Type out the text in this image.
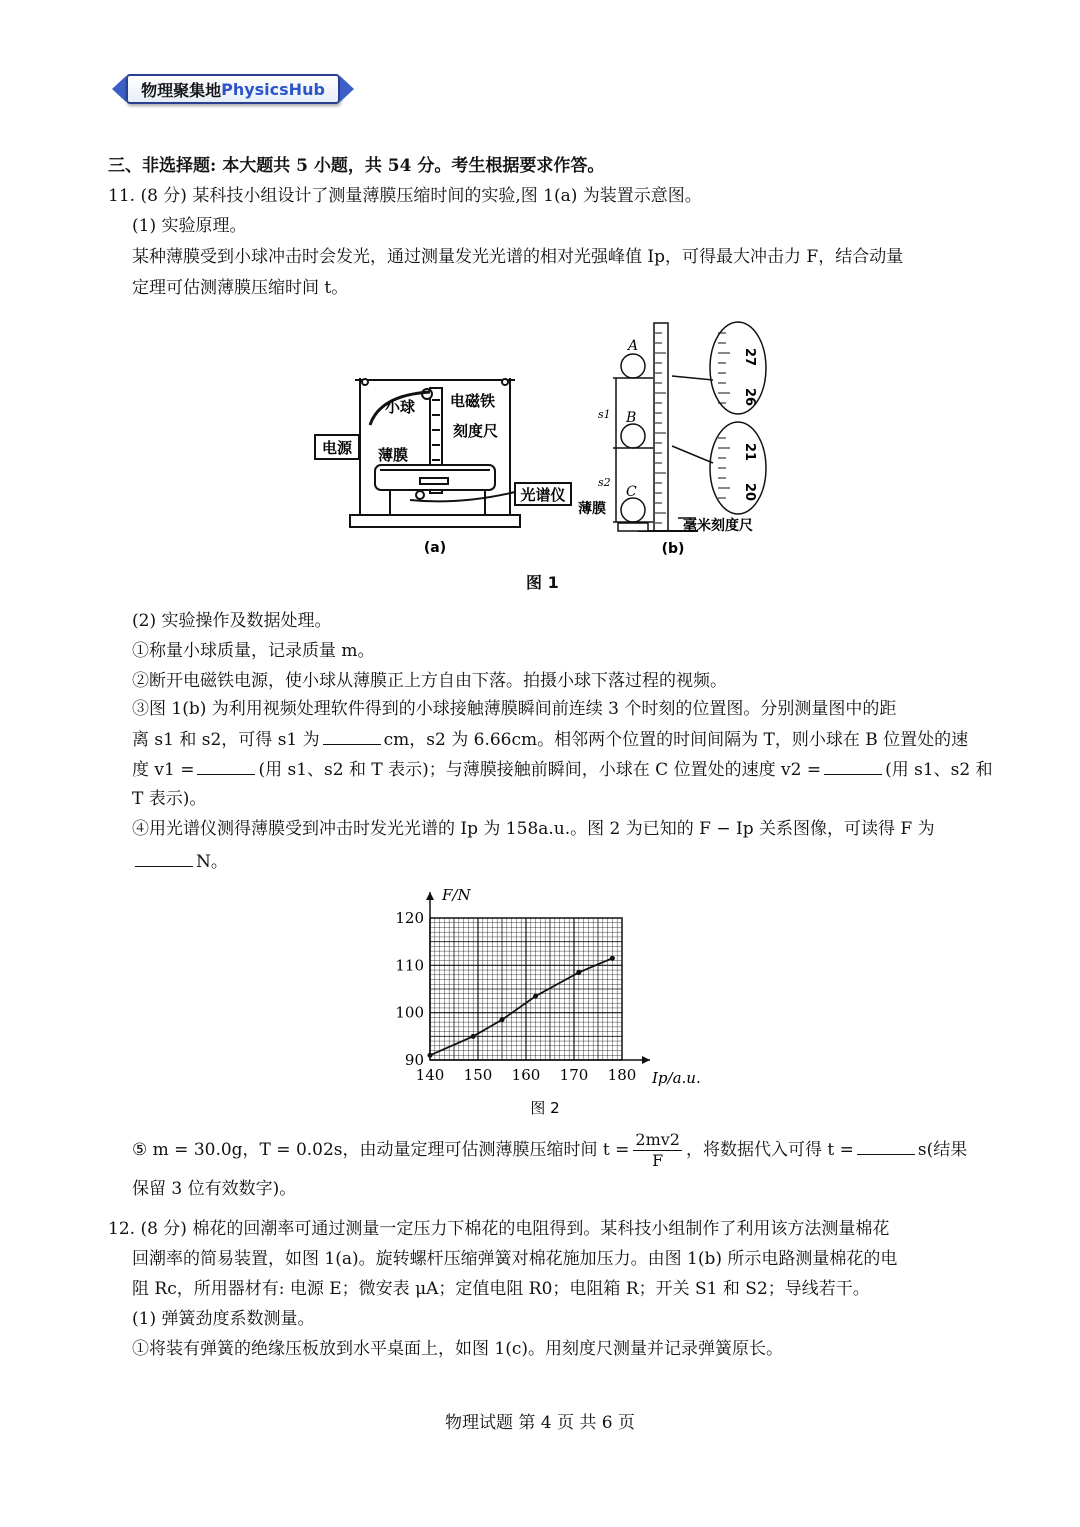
物理聚集地 PhysicsHub
三、非选择题: 本大题共 5 小题，共 54 分。考生根据要求作答。
11. (8 分) 某科技小组设计了测量薄膜压缩时间的实验,图 1(a) 为装置示意图。
(1) 实验原理。
某种薄膜受到小球冲击时会发光，通过测量发光光谱的相对光强峰值 Ip，可得最大冲击力 F，结合动量
定理可估测薄膜压缩时间 t。
电源
小球 电磁铁
刻度尺
薄膜
光谱仪
(a)
A
B
C
s1
s2
薄膜
毫米刻度尺
27
26
21
20
(b)
图 1
(2) 实验操作及数据处理。
①称量小球质量，记录质量 m。
②断开电磁铁电源，使小球从薄膜正上方自由下落。拍摄小球下落过程的视频。
③图 1(b) 为利用视频处理软件得到的小球接触薄膜瞬间前连续 3 个时刻的位置图。分别测量图中的距
离 s1 和 s2，可得 s1 为	cm，s2 为 6.66cm。相邻两个位置的时间间隔为 T，则小球在 B 位置处的速
度 v1 =	(用 s1、s2 和 T 表示)；与薄膜接触前瞬间，小球在 C 位置处的速度 v2 =	(用 s1、s2 和
T 表示)。
④用光谱仪测得薄膜受到冲击时发光光谱的 Ip 为 158a.u.。图 2 为已知的 F − Ip 关系图像，可读得 F 为
N。
140 150 160 170 180
90
100
110
120
F/N
Ip/a.u.
图 2
⑤ m = 30.0g，T = 0.02s，由动量定理可估测薄膜压缩时间 $t = \frac{2mv2}{F}$ ，将数据代入可得 t =	s(结果
保留 3 位有效数字)。
12. (8 分) 棉花的回潮率可通过测量一定压力下棉花的电阻得到。某科技小组制作了利用该方法测量棉花
回潮率的简易装置，如图 1(a)。旋转螺杆压缩弹簧对棉花施加压力。由图 1(b) 所示电路测量棉花的电
阻 Rc，所用器材有: 电源 E；微安表 μA；定值电阻 R0；电阻箱 R；开关 S1 和 S2；导线若干。
(1) 弹簧劲度系数测量。
①将装有弹簧的绝缘压板放到水平桌面上，如图 1(c)。用刻度尺测量并记录弹簧原长。
物理试题 第 4 页 共 6 页
